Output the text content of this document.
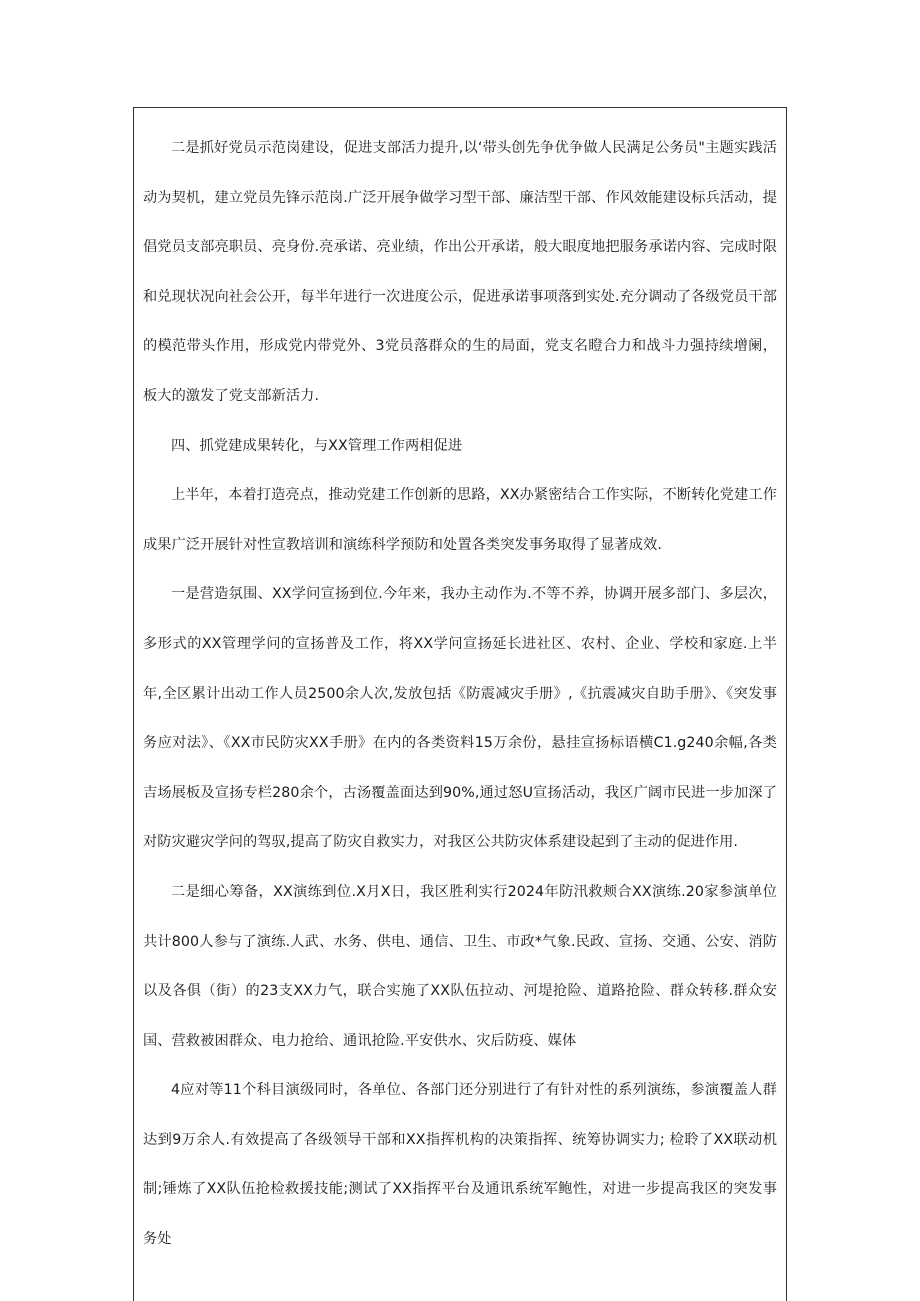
二是抓好党员示范岗建设，促进支部活力提升,以‘带头创先争优争做人民满足公务员"主题实践活动为契机，建立党员先锋示范岗.广泛开展争做学习型干部、廉洁型干部、作风效能建设标兵活动，提倡党员支部亮职员、亮身份.亮承诺、亮业绩，作出公开承诺，般大眼度地把服务承诺内容、完成时限和兑现状况向社会公开，每半年进行一次进度公示，促进承诺事项落到实处.充分调动了各级党员干部的模范带头作用，形成党内带党外、3党员落群众的生的局面，党支名瞪合力和战斗力强持续增阑，板大的激发了党支部新活力.

四、抓党建成果转化，与XX管理工作两相促进

上半年，本着打造亮点，推动党建工作创新的思路，XX办紧密结合工作实际，不断转化党建工作成果广泛开展针对性宣教培训和演练科学预防和处置各类突发事务取得了显著成效.

一是营造氛围、XX学问宣扬到位.今年来，我办主动作为.不等不养，协调开展多部门、多层次，多形式的XX管理学问的宣扬普及工作，将XX学问宣扬延长进社区、农村、企业、学校和家庭.上半年,全区累计出动工作人员2500余人次,发放包括《防震减灾手册》,《抗震减灾自助手册》、《突发事务应对法》、《XX市民防灾XX手册》在内的各类资料15万余份，悬挂宣扬标语横C1.g240余幅,各类吉场展板及宣扬专栏280余个，古汤覆盖面达到90%,通过怒U宣扬活动，我区广阔市民进一步加深了对防灾避灾学问的驾驭,提高了防灾自救实力，对我区公共防灾体系建设起到了主动的促进作用.

二是细心筹备，XX演练到位.X月X日，我区胜利实行2024年防汛救颊合XX演练.20家参演单位共计800人参与了演练.人武、水务、供电、通信、卫生、市政*气象.民政、宣扬、交通、公安、消防以及各俱（街）的23支XX力气，联合实施了XX队伍拉动、河堤抢险、道路抢险、群众转移.群众安国、营救被困群众、电力抢给、通讯抢险.平安供水、灾后防疫、媒体

4应对等11个科目演级同时，各单位、各部门还分别进行了有针对性的系列演练，参演覆盖人群达到9万余人.有效提高了各级领导干部和XX指挥机构的决策指挥、统筹协调实力; 检聆了XX联动机制;锤炼了XX队伍抢检救援技能;测试了XX指挥平台及通讯系统军鲍性，对进一步提高我区的突发事务处
